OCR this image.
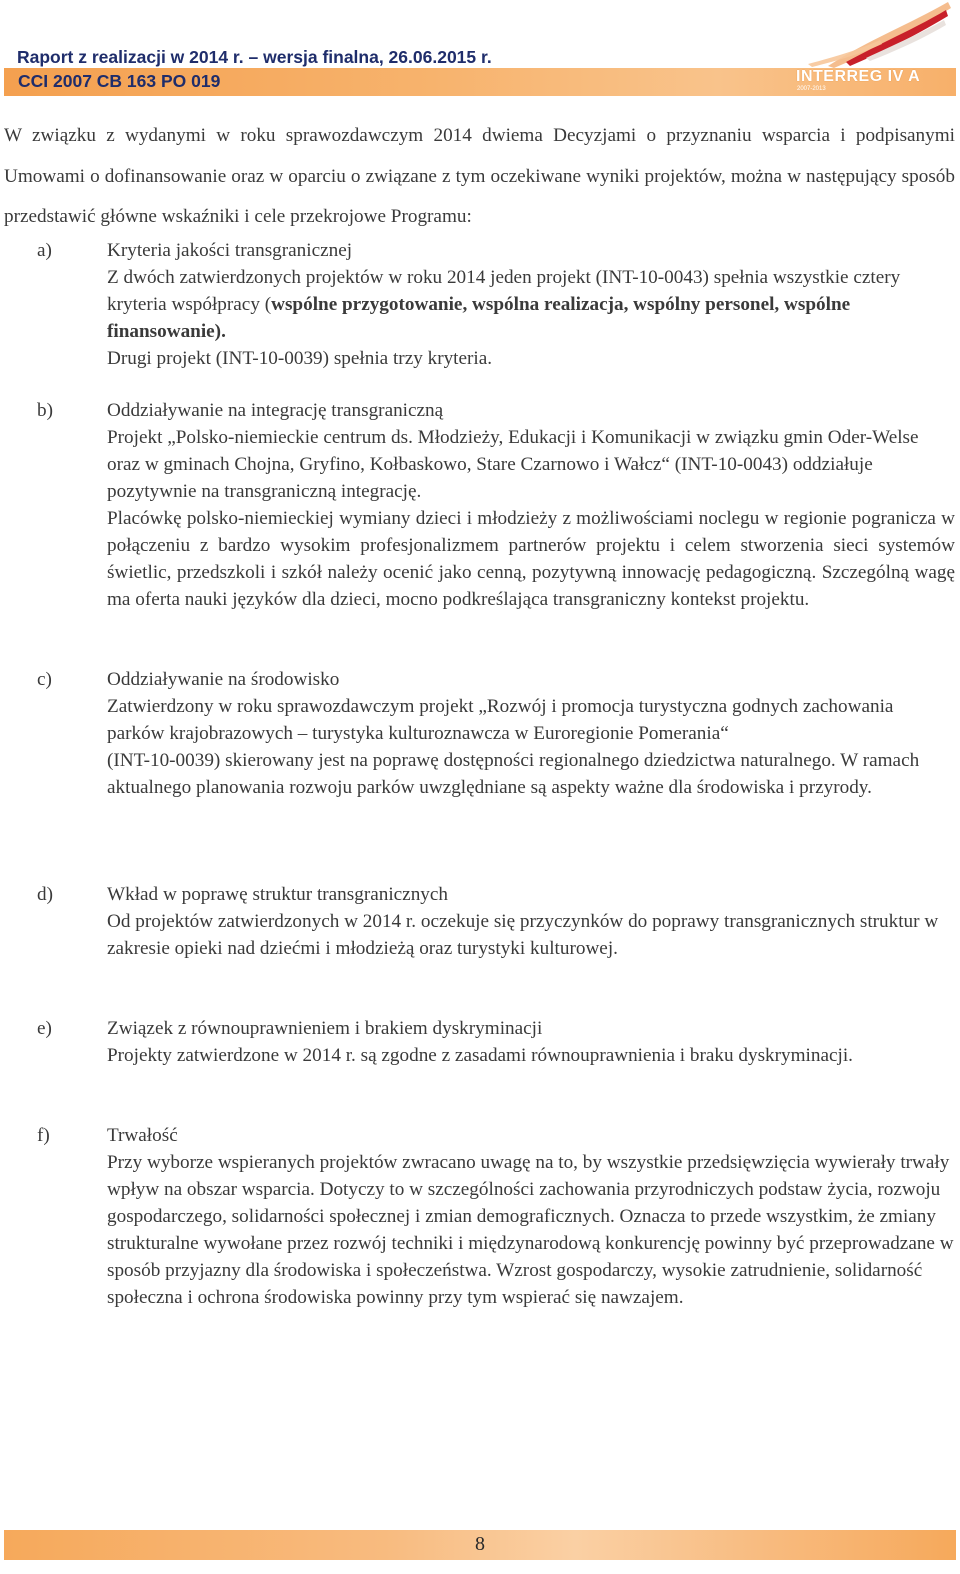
Raport z realizacji w 2014 r. – wersja finalna, 26.06.2015 r.
CCI 2007 CB 163 PO 019	INTERREG IV A
2007-2013
W związku z wydanymi w roku sprawozdawczym 2014 dwiema Decyzjami o przyznaniu wsparcia i podpisanymi Umowami o dofinansowanie oraz w oparciu o związane z tym oczekiwane wyniki projektów, można w następujący sposób przedstawić główne wskaźniki i cele przekrojowe Programu:
a)	Kryteria jakości transgranicznej
Z dwóch zatwierdzonych projektów w roku 2014 jeden projekt (INT-10-0043) spełnia wszystkie cztery kryteria współpracy (wspólne przygotowanie, wspólna realizacja, wspólny personel, wspólne finansowanie).
Drugi projekt (INT-10-0039) spełnia trzy kryteria.
b)	Oddziaływanie na integrację transgraniczną
Projekt „Polsko-niemieckie centrum ds. Młodzieży, Edukacji i Komunikacji w związku gmin Oder-Welse oraz w gminach Chojna, Gryfino, Kołbaskowo, Stare Czarnowo i Wałcz“ (INT-10-0043) oddziałuje pozytywnie na transgraniczną integrację.
Placówkę polsko-niemieckiej wymiany dzieci i młodzieży z możliwościami noclegu w regionie pogranicza w połączeniu z bardzo wysokim profesjonalizmem partnerów projektu i celem stworzenia sieci systemów świetlic, przedszkoli i szkół należy ocenić jako cenną, pozytywną innowację pedagogiczną. Szczególną wagę ma oferta nauki języków dla dzieci, mocno podkreślająca transgraniczny kontekst projektu.
c)	Oddziaływanie na środowisko
Zatwierdzony w roku sprawozdawczym projekt „Rozwój i promocja turystyczna godnych zachowania parków krajobrazowych – turystyka kulturoznawcza w Euroregionie Pomerania“
(INT-10-0039) skierowany jest na poprawę dostępności regionalnego dziedzictwa naturalnego. W ramach aktualnego planowania rozwoju parków uwzględniane są aspekty ważne dla środowiska i przyrody.
d)	Wkład w poprawę struktur transgranicznych
Od projektów zatwierdzonych w 2014 r. oczekuje się przyczynków do poprawy transgranicznych struktur w zakresie opieki nad dziećmi i młodzieżą oraz turystyki kulturowej.
e)	Związek z równouprawnieniem i brakiem dyskryminacji
Projekty zatwierdzone w 2014 r. są zgodne z zasadami równouprawnienia i braku dyskryminacji.
f)	Trwałość
Przy wyborze wspieranych projektów zwracano uwagę na to, by wszystkie przedsięwzięcia wywierały trwały wpływ na obszar wsparcia. Dotyczy to w szczególności zachowania przyrodniczych podstaw życia, rozwoju gospodarczego, solidarności społecznej i zmian demograficznych. Oznacza to przede wszystkim, że zmiany strukturalne wywołane przez rozwój techniki i międzynarodową konkurencję powinny być przeprowadzane w sposób przyjazny dla środowiska i społeczeństwa. Wzrost gospodarczy, wysokie zatrudnienie, solidarność społeczna i ochrona środowiska powinny przy tym wspierać się nawzajem.
8
